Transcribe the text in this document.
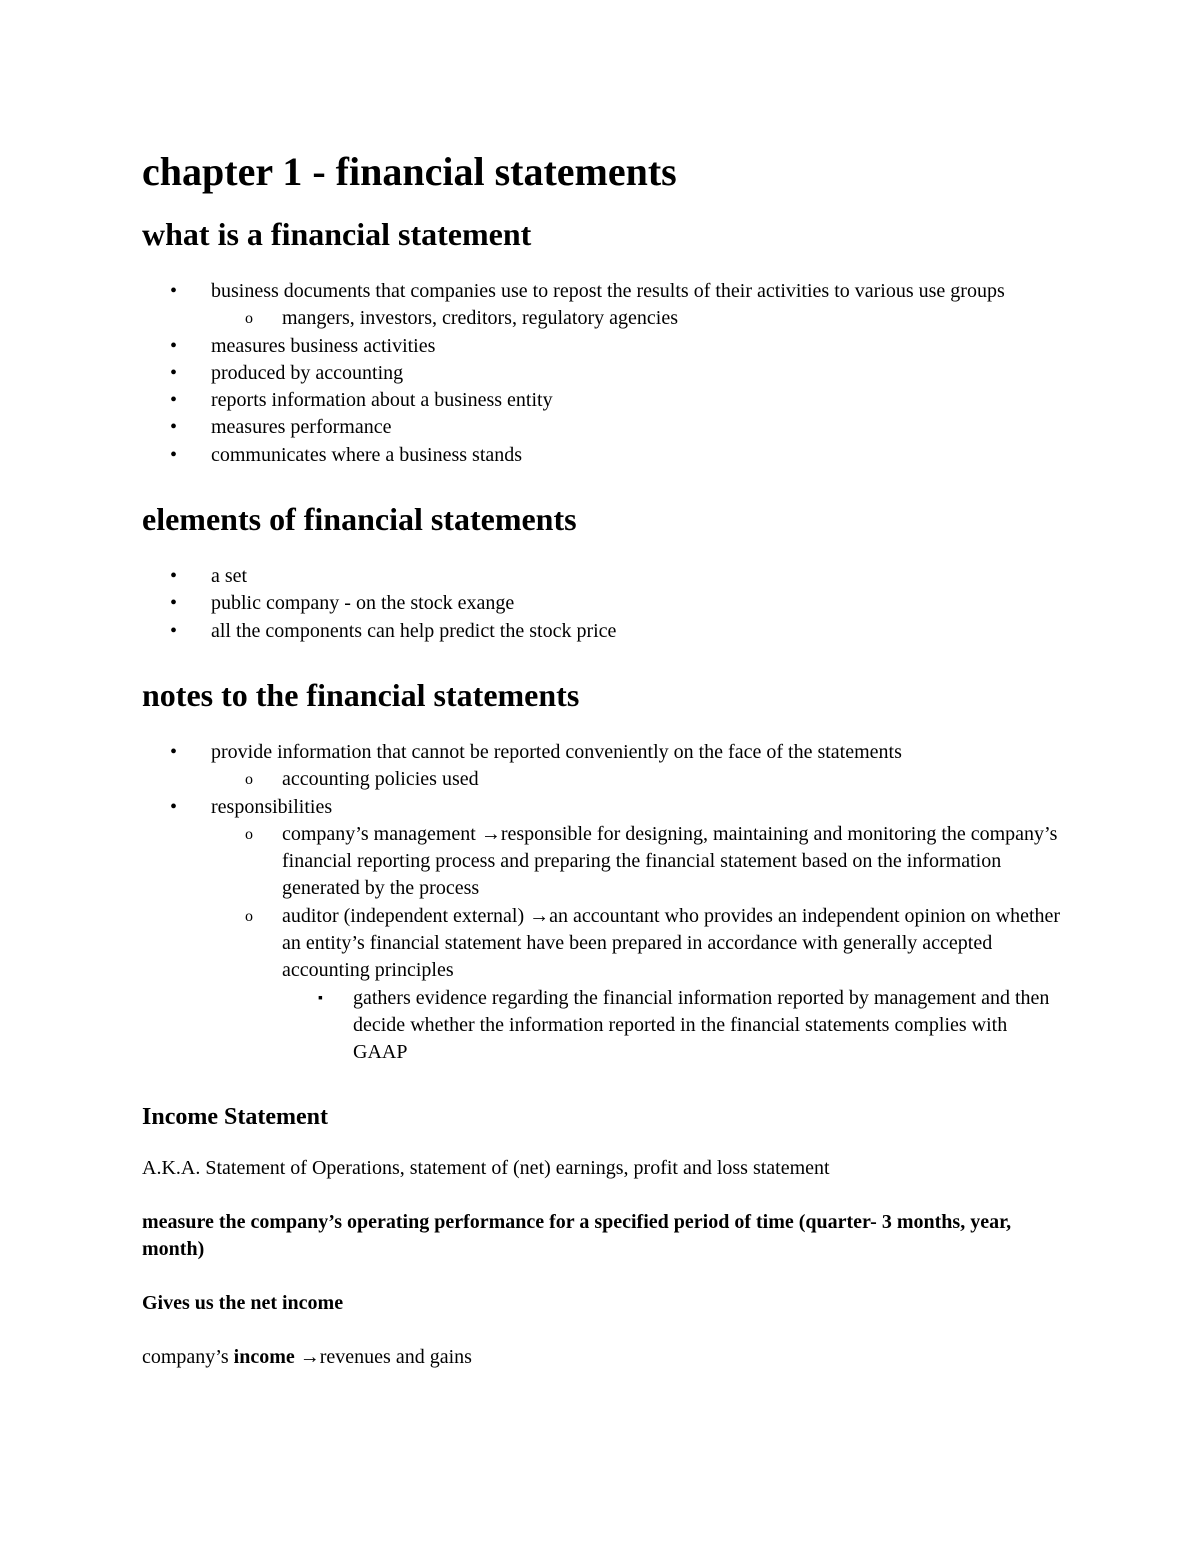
chapter 1 - financial statements
what is a financial statement
• business documents that companies use to repost the results of their activities to various use groups
o mangers, investors, creditors, regulatory agencies
• measures business activities
• produced by accounting
• reports information about a business entity
• measures performance
• communicates where a business stands
elements of financial statements
• a set
• public company - on the stock exange
• all the components can help predict the stock price
notes to the financial statements
• provide information that cannot be reported conveniently on the face of the statements
o accounting policies used
• responsibilities
o company’s management →responsible for designing, maintaining and monitoring the company’s financial reporting process and preparing the financial statement based on the information generated by the process
o auditor (independent external) →an accountant who provides an independent opinion on whether an entity’s financial statement have been prepared in accordance with generally accepted accounting principles
▪ gathers evidence regarding the financial information reported by management and then decide whether the information reported in the financial statements complies with GAAP
Income Statement

A.K.A. Statement of Operations, statement of (net) earnings, profit and loss statement

measure the company’s operating performance for a specified period of time (quarter- 3 months, year, month)

Gives us the net income

company’s income →revenues and gains
